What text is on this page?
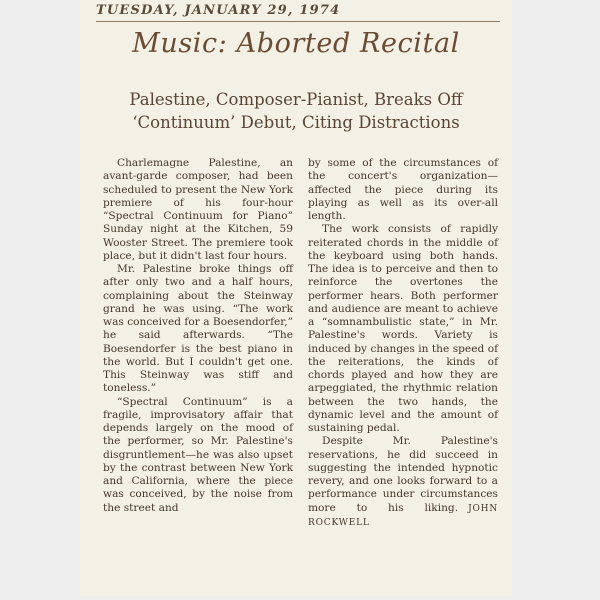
TUESDAY, JANUARY 29, 1974
Music: Aborted Recital
Palestine, Composer-Pianist, Breaks Off
‘Continuum’ Debut, Citing Distractions

Charlemagne Palestine, an avant-garde composer, had been scheduled to present the New York premiere of his four-hour “Spectral Continuum for Piano” Sunday night at the Kitchen, 59 Wooster Street. The premiere took place, but it didn't last four hours.

Mr. Palestine broke things off after only two and a half hours, complaining about the Steinway grand he was using. “The work was conceived for a Boesendorfer,” he said afterwards. “The Boesendorfer is the best piano in the world. But I couldn't get one. This Steinway was stiff and toneless.”

“Spectral Continuum” is a fragile, improvisatory affair that depends largely on the mood of the performer, so Mr. Palestine's disgruntlement—he was also upset by the contrast between New York and California, where the piece was conceived, by the noise from the street and

by some of the circumstances of the concert's organization—affected the piece during its playing as well as its over-all length.

The work consists of rapidly reiterated chords in the middle of the keyboard using both hands. The idea is to perceive and then to reinforce the overtones the performer hears. Both performer and audience are meant to achieve a “somnambulistic state,” in Mr. Palestine's words. Variety is induced by changes in the speed of the reiterations, the kinds of chords played and how they are arpeggiated, the rhythmic relation between the two hands, the dynamic level and the amount of sustaining pedal.

Despite Mr. Palestine's reservations, he did succeed in suggesting the intended hypnotic revery, and one looks forward to a performance under circumstances more to his liking. JOHN ROCKWELL
